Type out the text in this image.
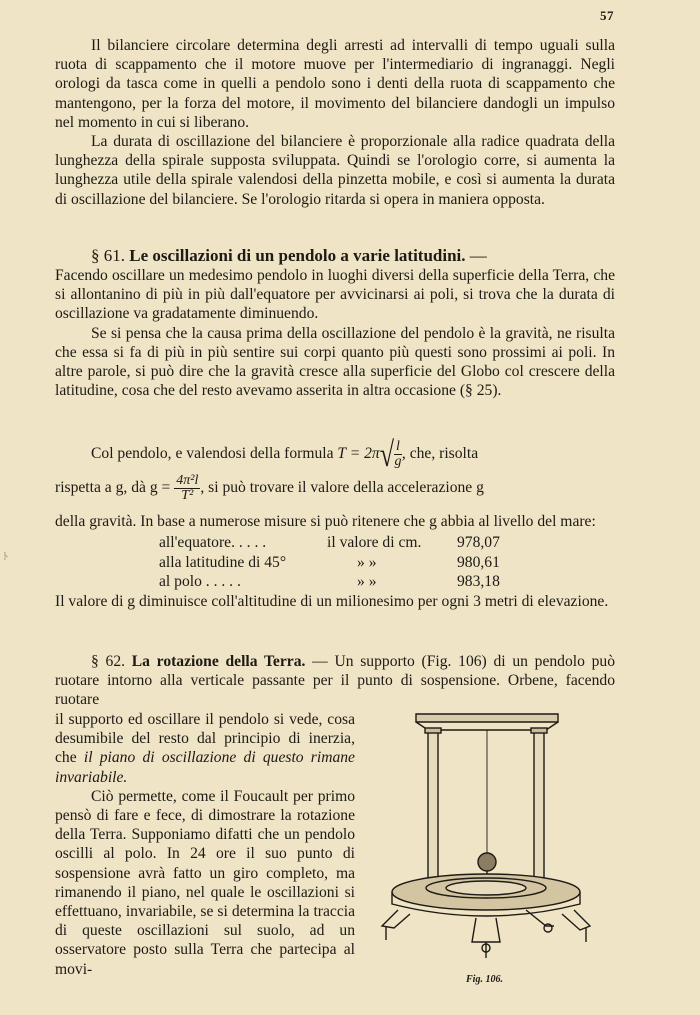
57
ﾄ

Il bilanciere circolare determina degli arresti ad intervalli di tempo uguali sulla ruota di scappamento che il motore muove per l'intermediario di ingranaggi. Negli orologi da tasca come in quelli a pendolo sono i denti della ruota di scappamento che mantengono, per la forza del motore, il movimento del bilanciere dandogli un impulso nel momento in cui si liberano.

La durata di oscillazione del bilanciere è proporzionale alla radice quadrata della lunghezza della spirale supposta sviluppata. Quindi se l'orologio corre, si aumenta la lunghezza utile della spirale valendosi della pinzetta mobile, e così si aumenta la durata di oscillazione del bilanciere. Se l'orologio ritarda si opera in maniera opposta.

§ 61. Le oscillazioni di un pendolo a varie latitudini. —

Facendo oscillare un medesimo pendolo in luoghi diversi della superficie della Terra, che si allontanino di più in più dall'equatore per avvicinarsi ai poli, si trova che la durata di oscillazione va gradatamente diminuendo.

Se si pensa che la causa prima della oscillazione del pendolo è la gravità, ne risulta che essa si fa di più in più sentire sui corpi quanto più questi sono prossimi ai poli. In altre parole, si può dire che la gravità cresce alla superficie del Globo col crescere della latitudine, cosa che del resto avevamo asserita in altra occasione (§ 25).

Col pendolo, e valendosi della formula $T = 2\pi√ \frac{l}{g}$ , che, risolta
rispetta a g, dà $g = \frac{\text{4π²l}}{\text{T²}}$ , si può trovare il valore della accelerazione g

della gravità. In base a numerose misure si può ritenere che g abbia al livello del mare:

all'equatore. . . . .	il valore di cm. 978,07
alla latitudine di 45°	» »	980,61
al polo . . . . .	» »	983,18

Il valore di g diminuisce coll'altitudine di un milionesimo per ogni 3 metri di elevazione.

§ 62. La rotazione della Terra. — Un supporto (Fig. 106) di un pendolo può ruotare intorno alla verticale passante per il punto di sospensione. Orbene, facendo ruotare

il supporto ed oscillare il pendolo si vede, cosa desumibile del resto dal principio di inerzia, che il piano di oscillazione di questo rimane invariabile.

Ciò permette, come il Foucault per primo pensò di fare e fece, di dimostrare la rotazione della Terra. Supponiamo difatti che un pendolo oscilli al polo. In 24 ore il suo punto di sospensione avrà fatto un giro completo, ma rimanendo il piano, nel quale le oscillazioni si effettuano, invariabile, se si determina la traccia di queste oscillazioni sul suolo, ad un osservatore posto sulla Terra che partecipa al movi-

Fig. 106.
